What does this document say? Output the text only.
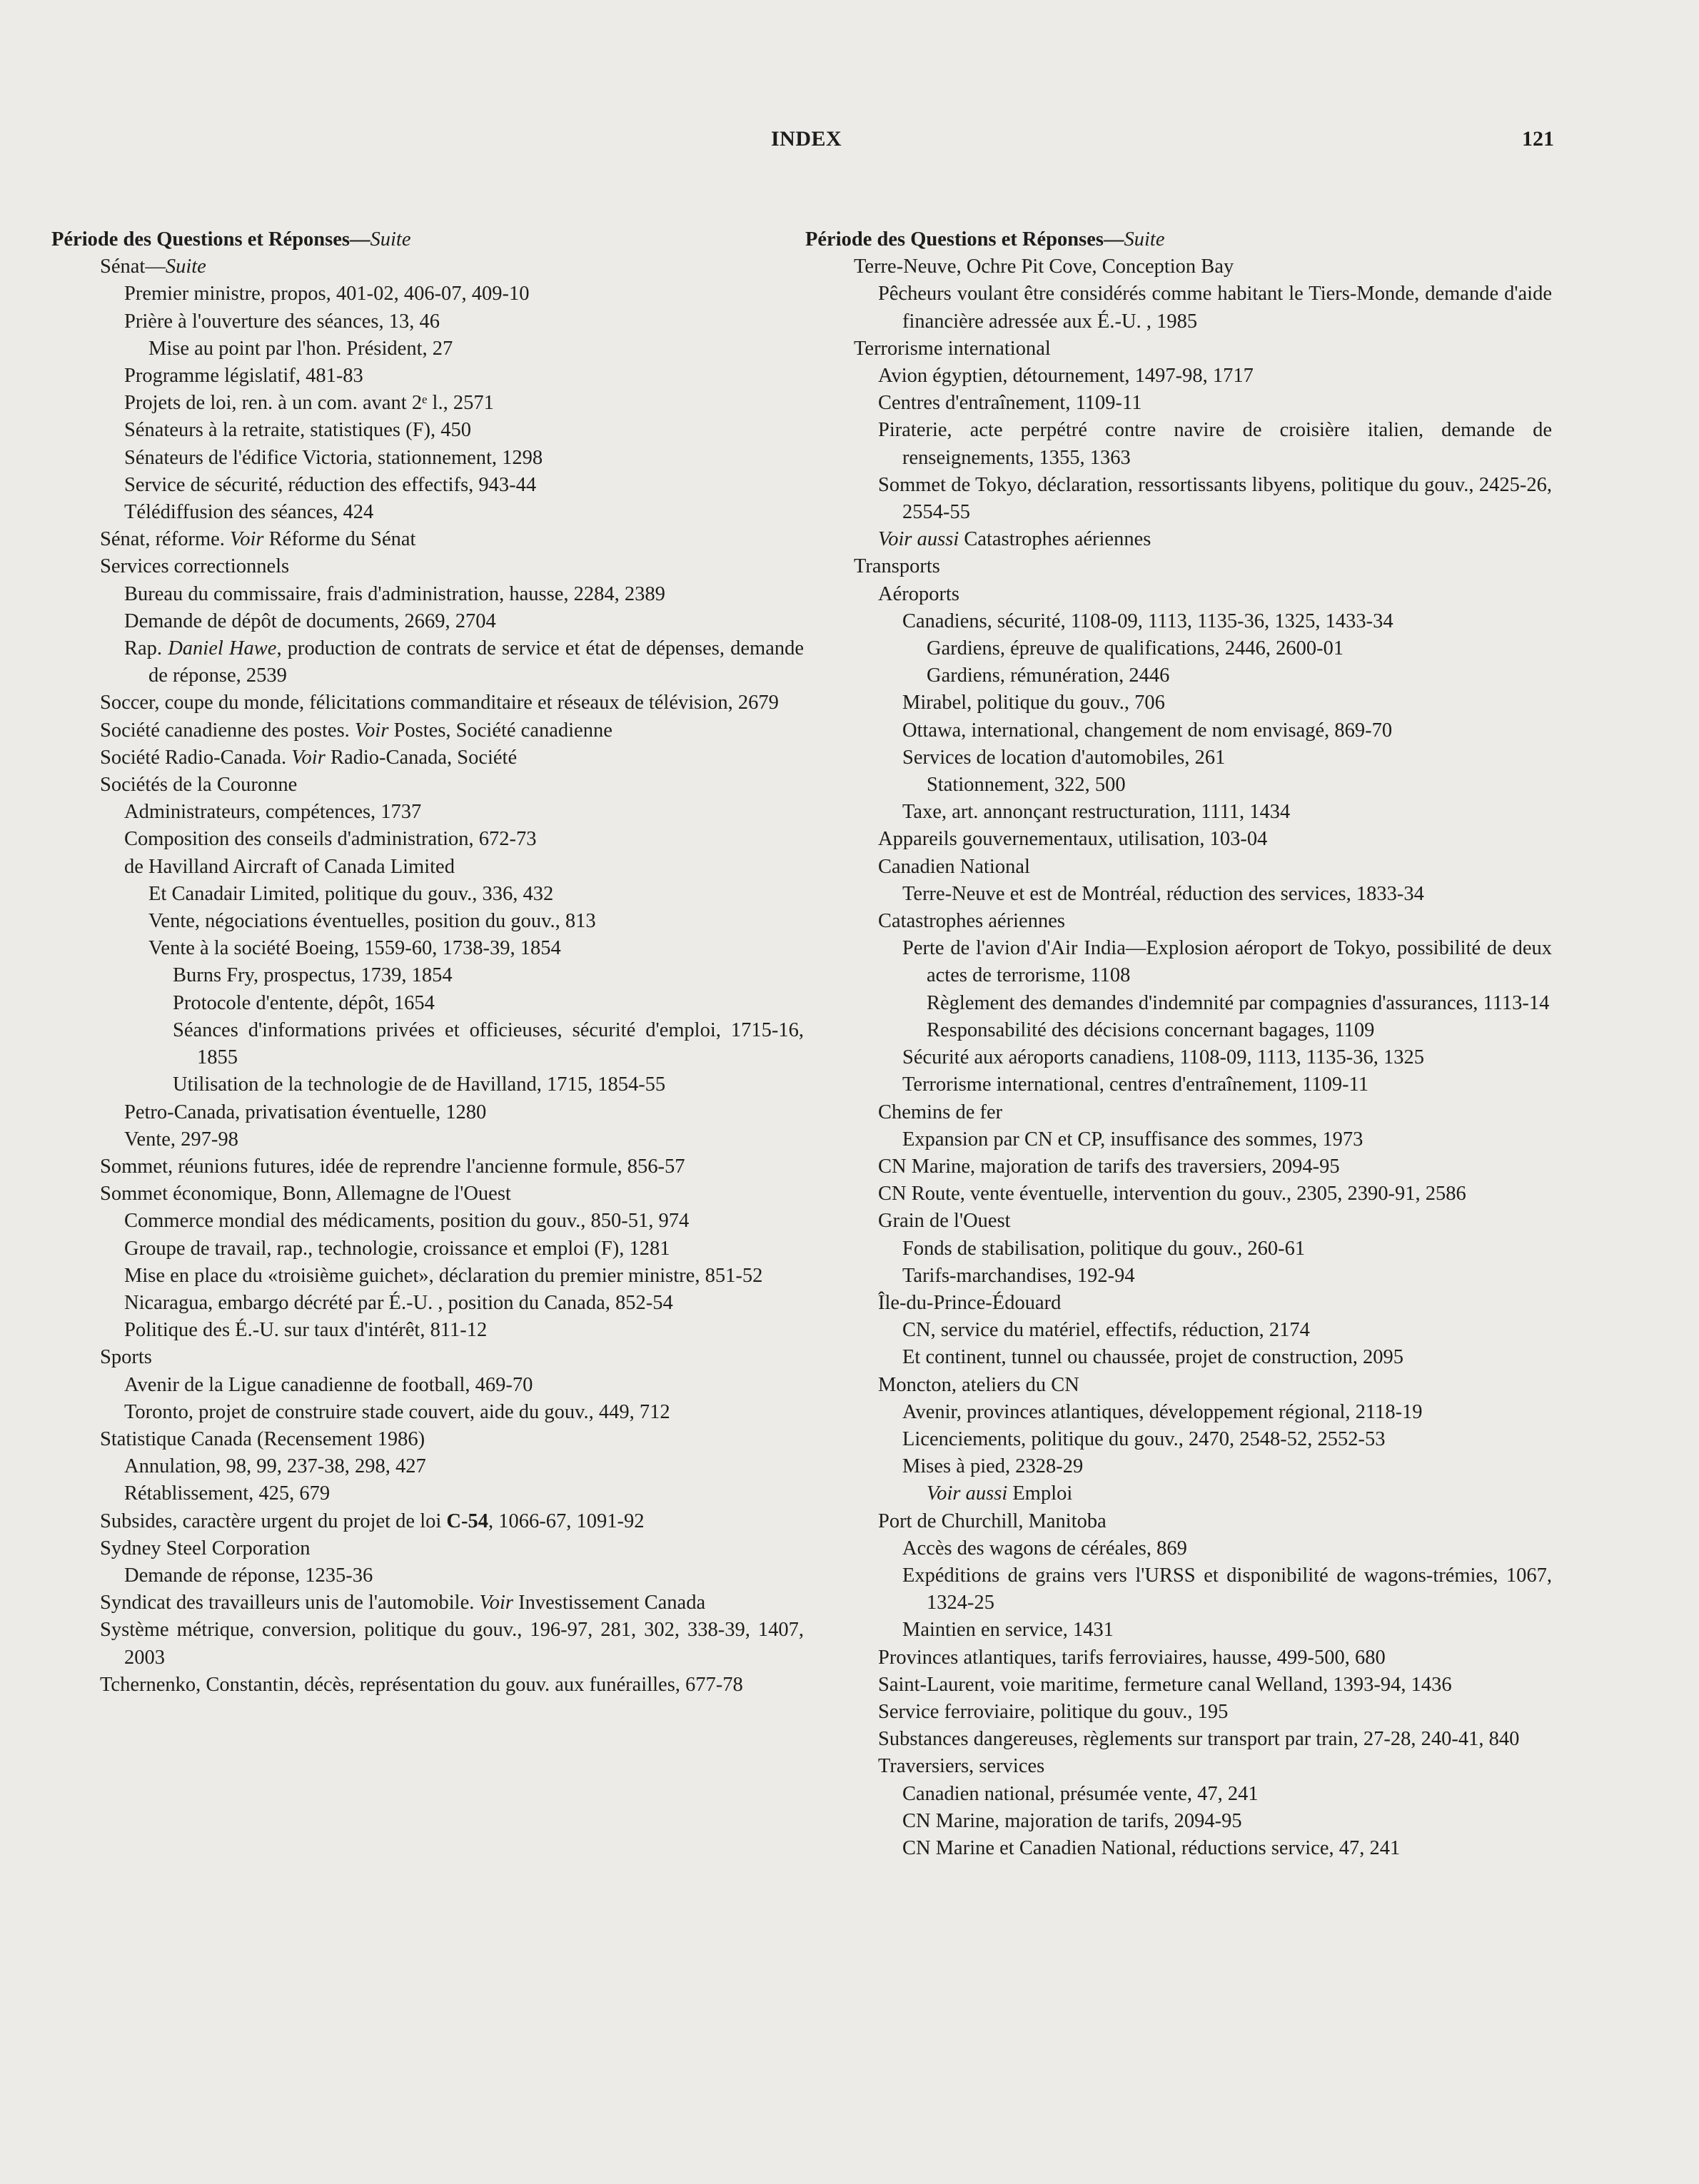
INDEX	121

Période des Questions et Réponses—Suite

Sénat—Suite

Premier ministre, propos, 401-02, 406-07, 409-10

Prière à l'ouverture des séances, 13, 46

Mise au point par l'hon. Président, 27

Programme législatif, 481-83

Projets de loi, ren. à un com. avant 2ᵉ l., 2571

Sénateurs à la retraite, statistiques (F), 450

Sénateurs de l'édifice Victoria, stationnement, 1298

Service de sécurité, réduction des effectifs, 943-44

Télédiffusion des séances, 424

Sénat, réforme. Voir Réforme du Sénat

Services correctionnels

Bureau du commissaire, frais d'administration, hausse, 2284, 2389

Demande de dépôt de documents, 2669, 2704

Rap. Daniel Hawe, production de contrats de service et état de dépenses, demande de réponse, 2539

Soccer, coupe du monde, félicitations commanditaire et réseaux de télévision, 2679

Société canadienne des postes. Voir Postes, Société canadienne

Société Radio-Canada. Voir Radio-Canada, Société

Sociétés de la Couronne

Administrateurs, compétences, 1737

Composition des conseils d'administration, 672-73

de Havilland Aircraft of Canada Limited

Et Canadair Limited, politique du gouv., 336, 432

Vente, négociations éventuelles, position du gouv., 813

Vente à la société Boeing, 1559-60, 1738-39, 1854

Burns Fry, prospectus, 1739, 1854

Protocole d'entente, dépôt, 1654

Séances d'informations privées et officieuses, sécurité d'emploi, 1715-16, 1855

Utilisation de la technologie de de Havilland, 1715, 1854-55

Petro-Canada, privatisation éventuelle, 1280

Vente, 297-98

Sommet, réunions futures, idée de reprendre l'ancienne formule, 856-57

Sommet économique, Bonn, Allemagne de l'Ouest

Commerce mondial des médicaments, position du gouv., 850-51, 974

Groupe de travail, rap., technologie, croissance et emploi (F), 1281

Mise en place du «troisième guichet», déclaration du premier ministre, 851-52

Nicaragua, embargo décrété par É.-U. , position du Canada, 852-54

Politique des É.-U. sur taux d'intérêt, 811-12

Sports

Avenir de la Ligue canadienne de football, 469-70

Toronto, projet de construire stade couvert, aide du gouv., 449, 712

Statistique Canada (Recensement 1986)

Annulation, 98, 99, 237-38, 298, 427

Rétablissement, 425, 679

Subsides, caractère urgent du projet de loi C-54, 1066-67, 1091-92

Sydney Steel Corporation

Demande de réponse, 1235-36

Syndicat des travailleurs unis de l'automobile. Voir Investissement Canada

Système métrique, conversion, politique du gouv., 196-97, 281, 302, 338-39, 1407, 2003

Tchernenko, Constantin, décès, représentation du gouv. aux funérailles, 677-78

Période des Questions et Réponses—Suite

Terre-Neuve, Ochre Pit Cove, Conception Bay

Pêcheurs voulant être considérés comme habitant le Tiers-Monde, demande d'aide financière adressée aux É.-U. , 1985

Terrorisme international

Avion égyptien, détournement, 1497-98, 1717

Centres d'entraînement, 1109-11

Piraterie, acte perpétré contre navire de croisière italien, demande de renseignements, 1355, 1363

Sommet de Tokyo, déclaration, ressortissants libyens, politique du gouv., 2425-26, 2554-55

Voir aussi Catastrophes aériennes

Transports

Aéroports

Canadiens, sécurité, 1108-09, 1113, 1135-36, 1325, 1433-34

Gardiens, épreuve de qualifications, 2446, 2600-01

Gardiens, rémunération, 2446

Mirabel, politique du gouv., 706

Ottawa, international, changement de nom envisagé, 869-70

Services de location d'automobiles, 261

Stationnement, 322, 500

Taxe, art. annonçant restructuration, 1111, 1434

Appareils gouvernementaux, utilisation, 103-04

Canadien National

Terre-Neuve et est de Montréal, réduction des services, 1833-34

Catastrophes aériennes

Perte de l'avion d'Air India—Explosion aéroport de Tokyo, possibilité de deux actes de terrorisme, 1108

Règlement des demandes d'indemnité par compagnies d'assurances, 1113-14

Responsabilité des décisions concernant bagages, 1109

Sécurité aux aéroports canadiens, 1108-09, 1113, 1135-36, 1325

Terrorisme international, centres d'entraînement, 1109-11

Chemins de fer

Expansion par CN et CP, insuffisance des sommes, 1973

CN Marine, majoration de tarifs des traversiers, 2094-95

CN Route, vente éventuelle, intervention du gouv., 2305, 2390-91, 2586

Grain de l'Ouest

Fonds de stabilisation, politique du gouv., 260-61

Tarifs-marchandises, 192-94

Île-du-Prince-Édouard

CN, service du matériel, effectifs, réduction, 2174

Et continent, tunnel ou chaussée, projet de construction, 2095

Moncton, ateliers du CN

Avenir, provinces atlantiques, développement régional, 2118-19

Licenciements, politique du gouv., 2470, 2548-52, 2552-53

Mises à pied, 2328-29

Voir aussi Emploi

Port de Churchill, Manitoba

Accès des wagons de céréales, 869

Expéditions de grains vers l'URSS et disponibilité de wagons-trémies, 1067, 1324-25

Maintien en service, 1431

Provinces atlantiques, tarifs ferroviaires, hausse, 499-500, 680

Saint-Laurent, voie maritime, fermeture canal Welland, 1393-94, 1436

Service ferroviaire, politique du gouv., 195

Substances dangereuses, règlements sur transport par train, 27-28, 240-41, 840

Traversiers, services

Canadien national, présumée vente, 47, 241

CN Marine, majoration de tarifs, 2094-95

CN Marine et Canadien National, réductions service, 47, 241
